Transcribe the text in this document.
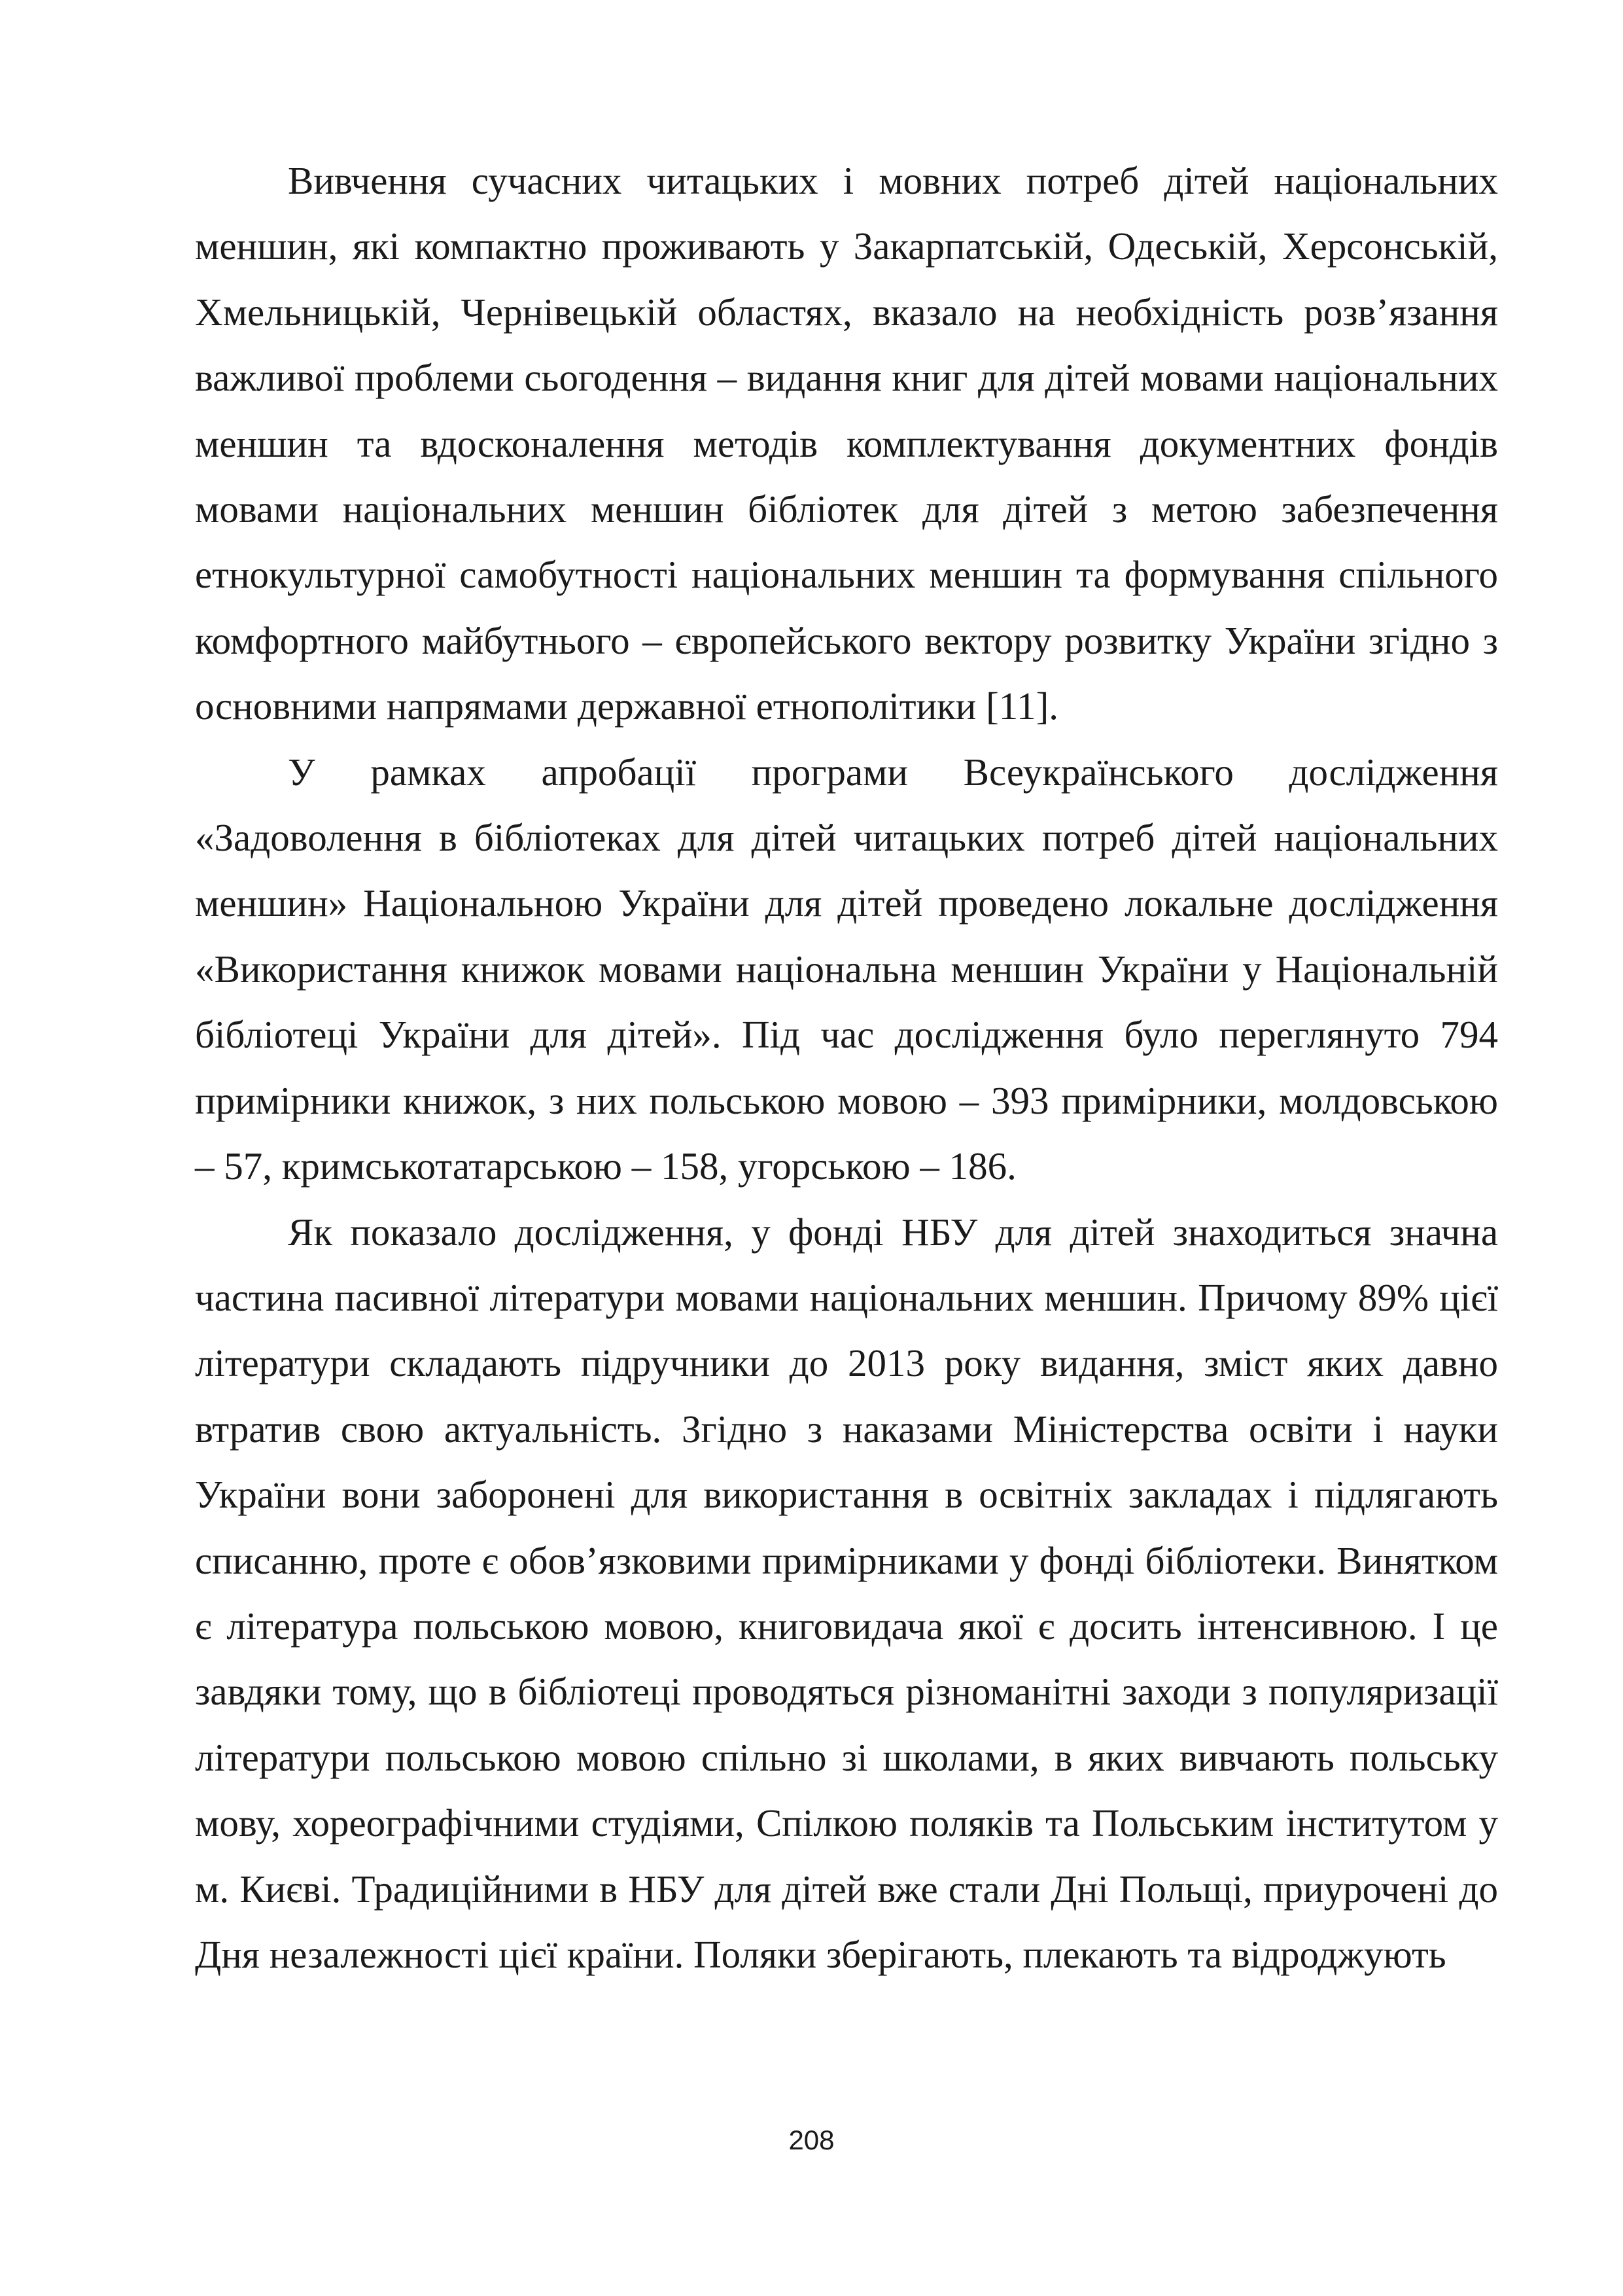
Вивчення сучасних читацьких і мовних потреб дітей національних меншин, які компактно проживають у Закарпатській, Одеській, Херсонській, Хмельницькій, Чернівецькій областях, вказало на необхідність розв’язання важливої проблеми сьогодення – видання книг для дітей мовами національних меншин та вдосконалення методів комплектування документних фондів мовами національних меншин бібліотек для дітей з метою забезпечення етнокультурної самобутності національних меншин та формування спільного комфортного майбутнього – європейського вектору розвитку України згідно з основними напрямами державної етнополітики [11].

У рамках апробації програми Всеукраїнського дослідження «Задоволення в бібліотеках для дітей читацьких потреб дітей національних меншин» Національною України для дітей проведено локальне дослідження «Використання книжок мовами національна меншин України у Національній бібліотеці України для дітей». Під час дослідження було переглянуто 794 примірники книжок, з них польською мовою – 393 примірники, молдовською – 57, кримськотатарською – 158, угорською – 186.

Як показало дослідження, у фонді НБУ для дітей знаходиться значна частина пасивної літератури мовами національних меншин. Причому 89% цієї літератури складають підручники до 2013 року видання, зміст яких давно втратив свою актуальність. Згідно з наказами Міністерства освіти і науки України вони заборонені для використання в освітніх закладах і підлягають списанню, проте є обов’язковими примірниками у фонді бібліотеки. Винятком є література польською мовою, книговидача якої є досить інтенсивною. І це завдяки тому, що в бібліотеці проводяться різноманітні заходи з популяризації літератури польською мовою спільно зі школами, в яких вивчають польську мову, хореографічними студіями, Спілкою поляків та Польським інститутом у м. Києві. Традиційними в НБУ для дітей вже стали Дні Польщі, приурочені до Дня незалежності цієї країни. Поляки зберігають, плекають та відроджують

208
